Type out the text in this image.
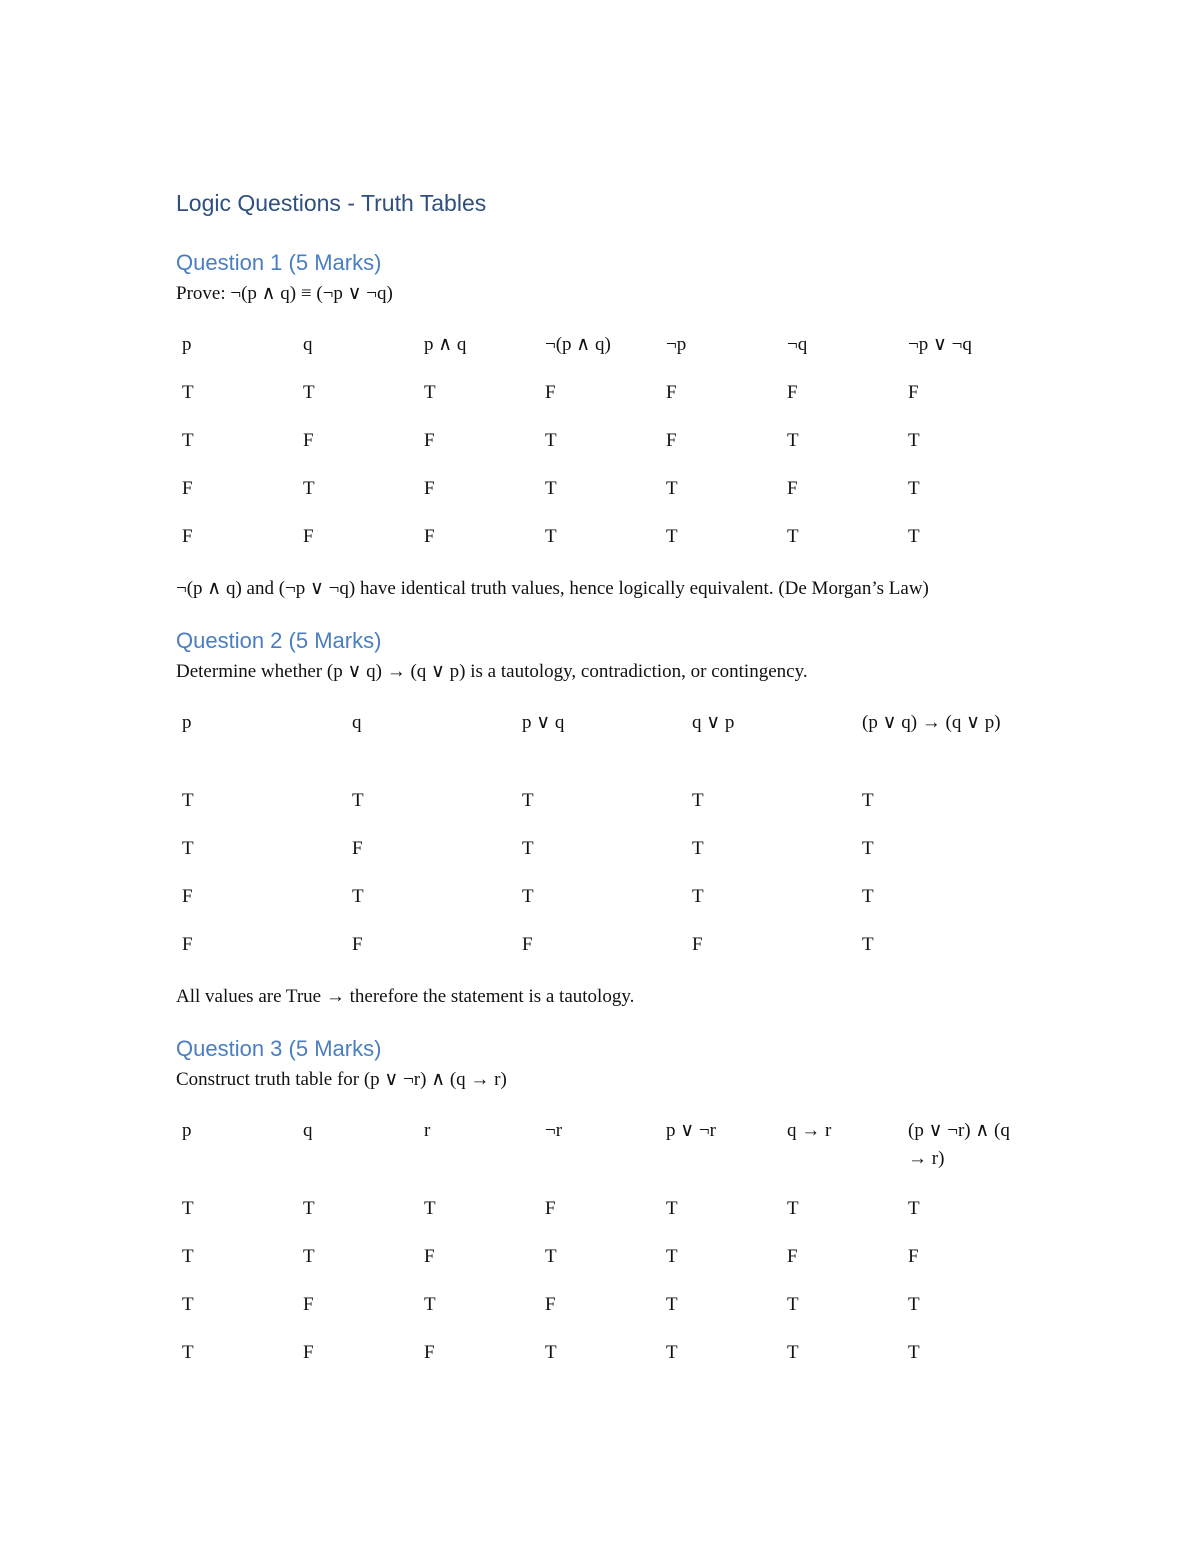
Logic Questions - Truth Tables
Question 1 (5 Marks)
Prove: ¬(p ∧ q) ≡ (¬p ∨ ¬q)
p	q	p ∧ q	¬(p ∧ q)	¬p	¬q	¬p ∨ ¬q
T	T	T	F	F	F	F
T	F	F	T	F	T	T
F	T	F	T	T	F	T
F	F	F	T	T	T	T
¬(p ∧ q) and (¬p ∨ ¬q) have identical truth values, hence logically equivalent. (De Morgan’s Law)
Question 2 (5 Marks)
Determine whether (p ∨ q) → (q ∨ p) is a tautology, contradiction, or contingency.
p	q	p ∨ q	q ∨ p	(p ∨ q) → (q ∨ p)
T	T	T	T	T
T	F	T	T	T
F	T	T	T	T
F	F	F	F	T
All values are True → therefore the statement is a tautology.
Question 3 (5 Marks)
Construct truth table for (p ∨ ¬r) ∧ (q → r)
p	q	r	¬r	p ∨ ¬r	q → r	(p ∨ ¬r) ∧ (q → r)
T	T	T	F	T	T	T
T	T	F	T	T	F	F
T	F	T	F	T	T	T
T	F	F	T	T	T	T
